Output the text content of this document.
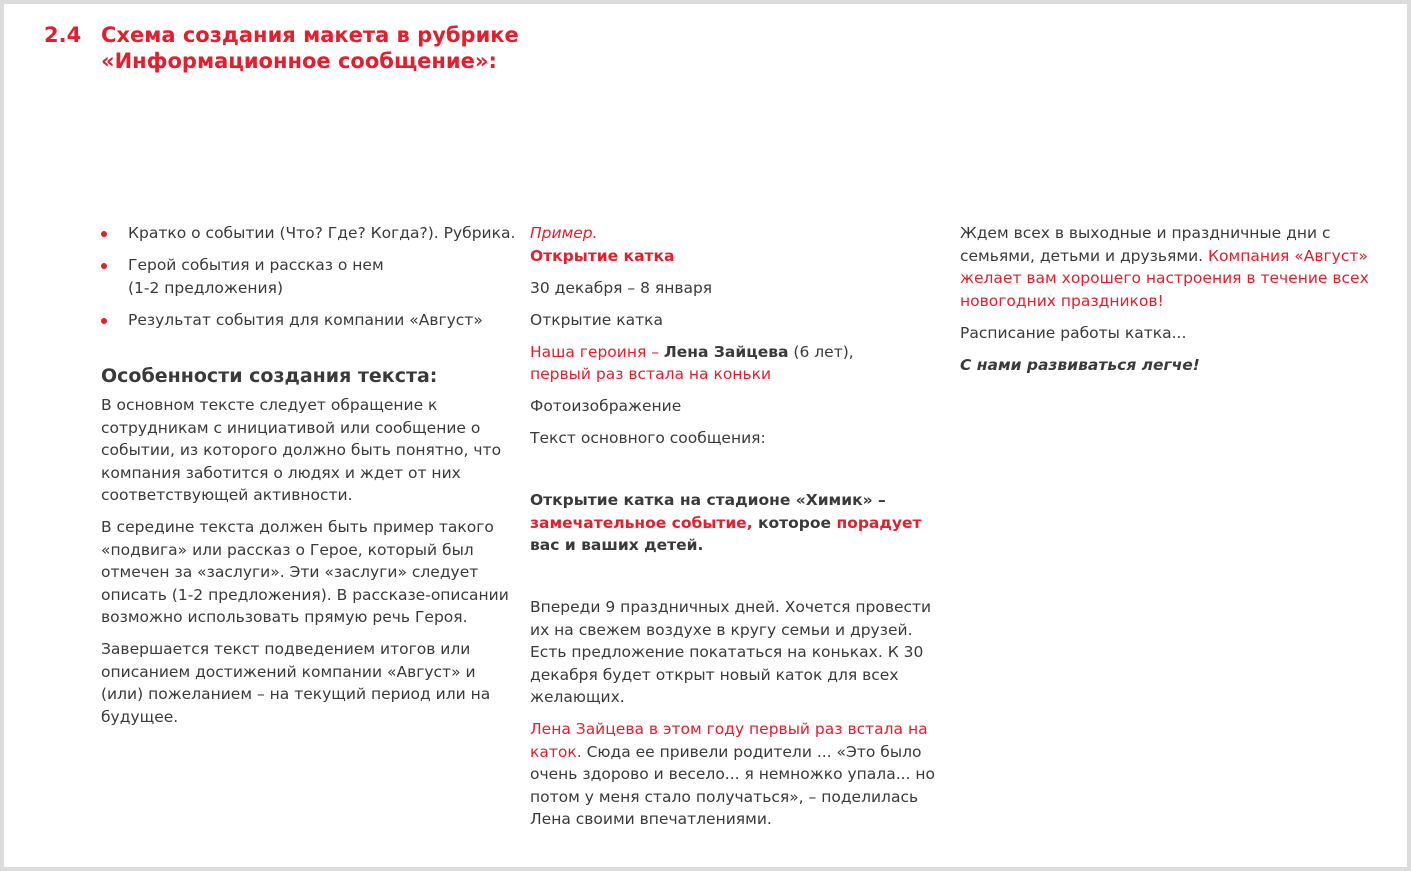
2.4 Схема создания макета в рубрике
«Информационное сообщение»:
Кратко о событии (Что? Где? Когда?). Рубрика.
Герой события и рассказ о нем
(1-2 предложения)
Результат события для компании «Август»
Особенности создания текста:

В основном тексте следует обращение к сотрудникам с инициативой или сообщение о событии, из которого должно быть понятно, что компания заботится о людях и ждет от них соответствующей активности.

В середине текста должен быть пример такого «подвига» или рассказ о Герое, который был отмечен за «заслуги». Эти «заслуги» следует описать (1-2 предложения). В рассказе-описании возможно использовать прямую речь Героя.

Завершается текст подведением итогов или описанием достижений компании «Август» и (или) пожеланием – на текущий период или на будущее.

Пример.

Открытие катка

30 декабря – 8 января

Открытие катка

Наша героиня – Лена Зайцева (6 лет),
первый раз встала на коньки

Фотоизображение

Текст основного сообщения:

Открытие катка на стадионе «Химик» –
замечательное событие, которое порадует вас и ваших детей.

Впереди 9 праздничных дней. Хочется провести их на свежем воздухе в кругу семьи и друзей. Есть предложение покататься на коньках. К 30 декабря будет открыт новый каток для всех желающих.

Лена Зайцева в этом году первый раз встала на каток. Сюда ее привели родители ... «Это было очень здорово и весело... я немножко упала... но потом у меня стало получаться», – поделилась Лена своими впечатлениями.

Ждем всех в выходные и праздничные дни с семьями, детьми и друзьями. Компания «Август» желает вам хорошего настроения в течение всех новогодних праздников!

Расписание работы катка...

С нами развиваться легче!
